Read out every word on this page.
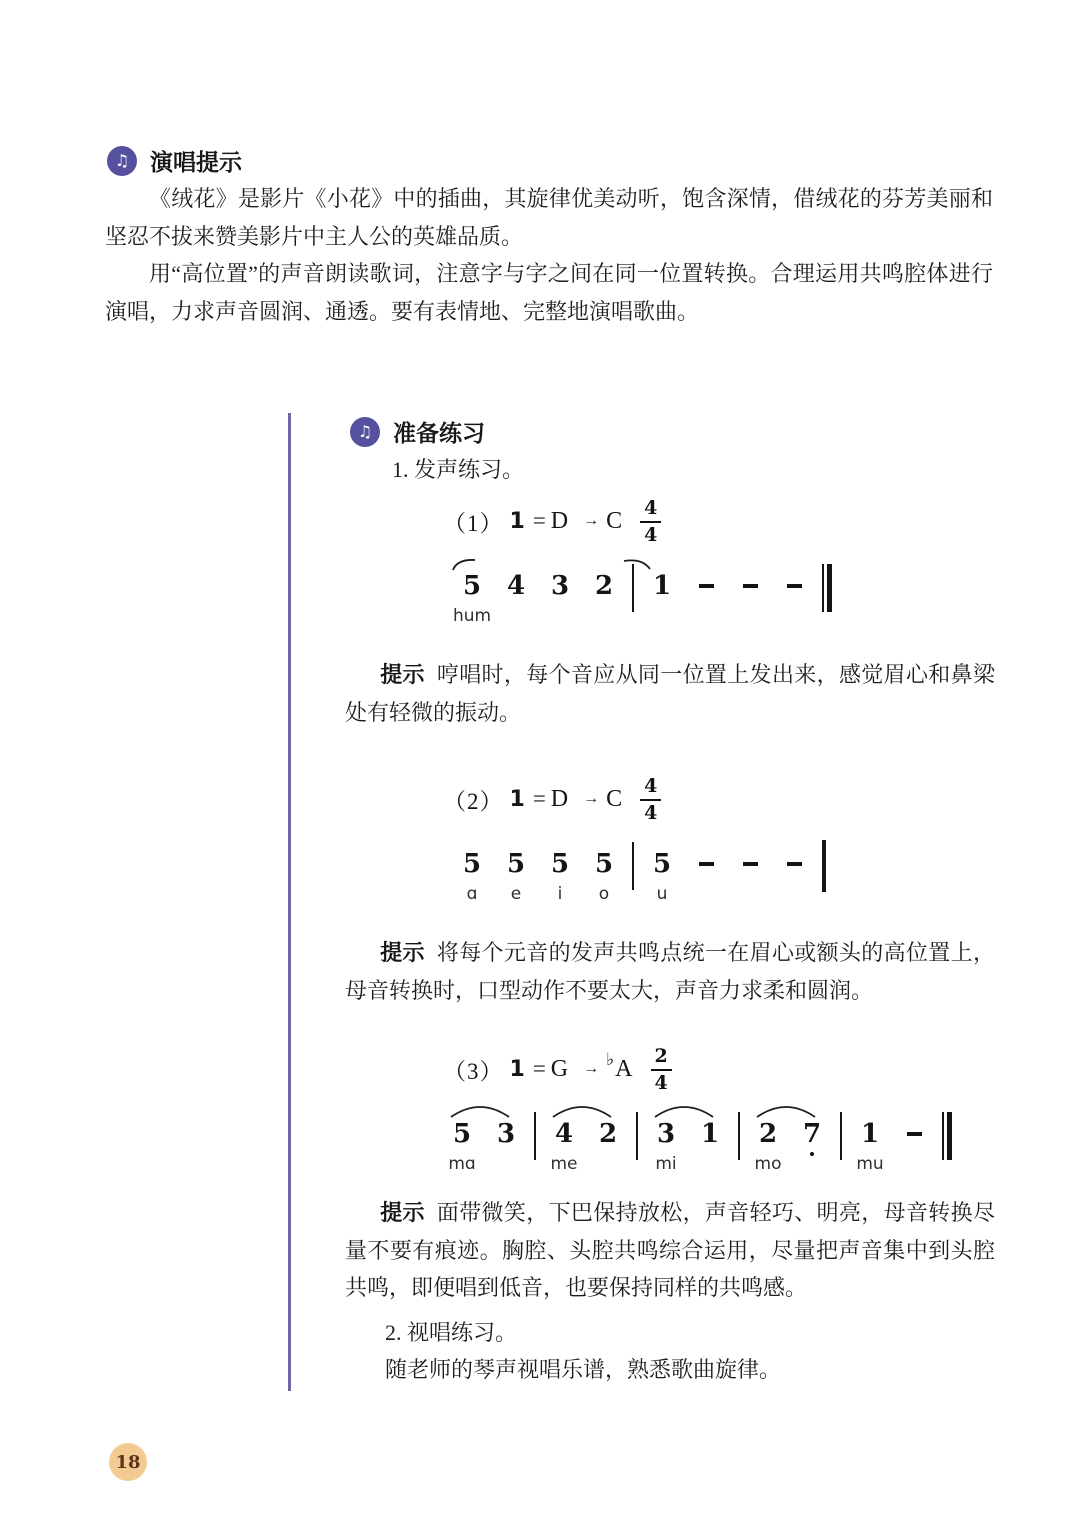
♫ 演唱提示

《绒花》是影片《小花》中的插曲，其旋律优美动听，饱含深情，借绒花的芬芳美丽和坚忍不拔来赞美影片中主人公的英雄品质。

用“高位置”的声音朗读歌词，注意字与字之间在同一位置转换。合理运用共鸣腔体进行演唱，力求声音圆润、通透。要有表情地、完整地演唱歌曲。

♫ 准备练习
1. 发声练习。
（1） 1 = D → C $\frac{4}{4}$
5
hum
4 3 2 1

提示 哼唱时，每个音应从同一位置上发出来，感觉眉心和鼻梁处有轻微的振动。

（2） 1 = D → C $\frac{4}{4}$
5
ɑ
5
e
5
i
5
o
5
u

提示 将每个元音的发声共鸣点统一在眉心或额头的高位置上，母音转换时，口型动作不要太大，声音力求柔和圆润。

（3） 1 = G → ♭ A $\frac{2}{4}$
5
mɑ
3 4
me
2 3
mi
1 2
mo
7 1
mu

提示 面带微笑，下巴保持放松，声音轻巧、明亮，母音转换尽量不要有痕迹。胸腔、头腔共鸣综合运用，尽量把声音集中到头腔共鸣，即便唱到低音，也要保持同样的共鸣感。

2. 视唱练习。

随老师的琴声视唱乐谱，熟悉歌曲旋律。

18
